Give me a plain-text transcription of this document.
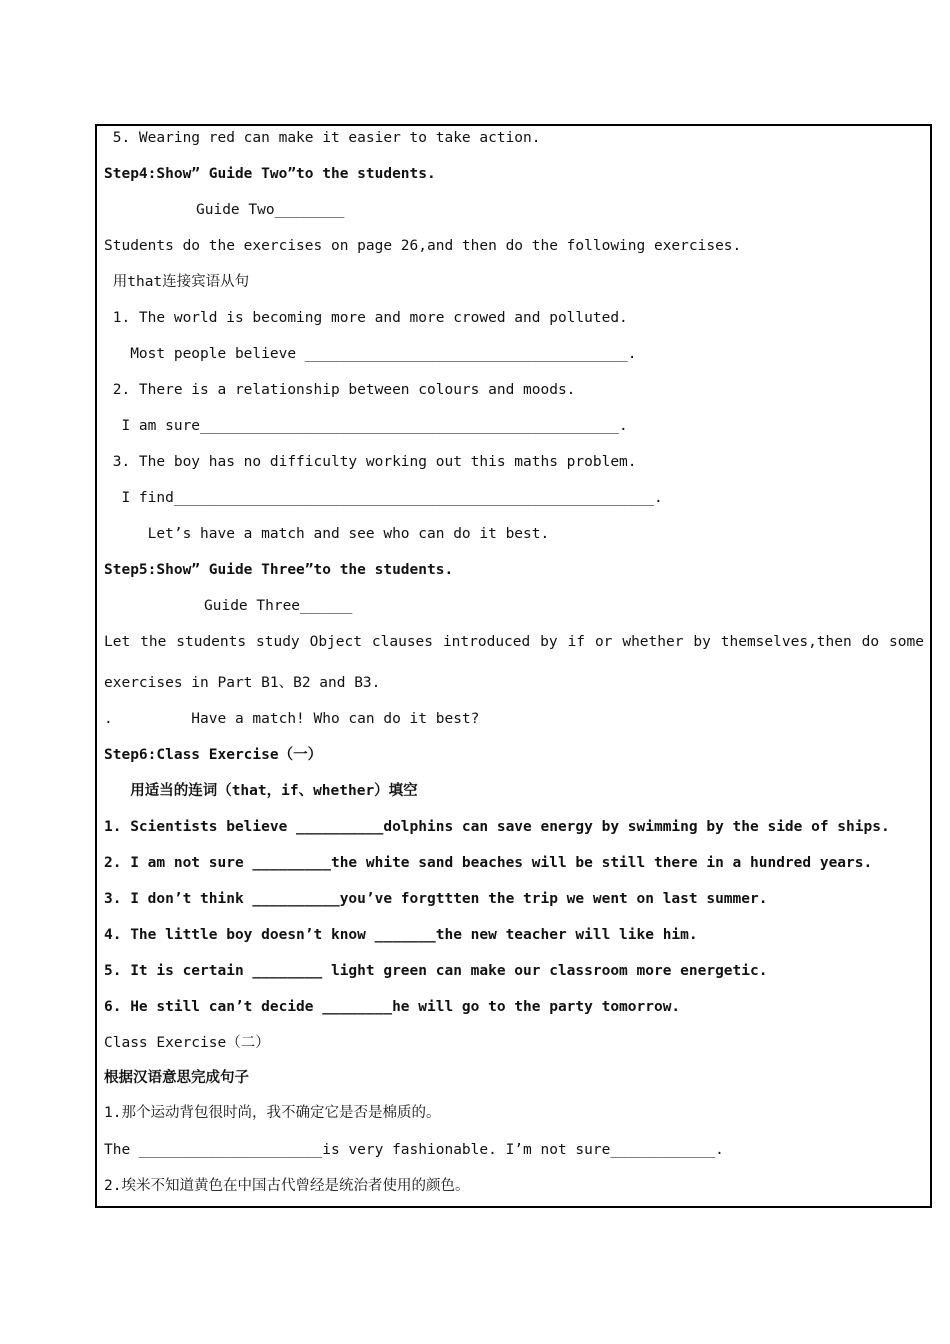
5. Wearing red can make it easier to take action.
Step4:Show” Guide Two”to the students.
Guide Two________
Students do the exercises on page 26,and then do the following exercises.
用that连接宾语从句
1. The world is becoming more and more crowed and polluted.
Most people believe _____________________________________.
2. There is a relationship between colours and moods.
I am sure________________________________________________.
3. The boy has no difficulty working out this maths problem.
I find_______________________________________________________.
Let’s have a match and see who can do it best.
Step5:Show” Guide Three”to the students.
Guide Three______
Let the students study Object clauses introduced by if or whether by themselves,then do some
exercises in Part B1、B2 and B3.
.         Have a match! Who can do it best?
Step6:Class Exercise（一）
用适当的连词（that，if、whether）填空
1. Scientists believe __________dolphins can save energy by swimming by the side of ships.
2. I am not sure _________the white sand beaches will be still there in a hundred years.
3. I don’t think __________you’ve forgttten the trip we went on last summer.
4. The little boy doesn’t know _______the new teacher will like him.
5. It is certain ________ light green can make our classroom more energetic.
6. He still can’t decide ________he will go to the party tomorrow.
Class Exercise（二）
根据汉语意思完成句子
1.那个运动背包很时尚，我不确定它是否是棉质的。
The _____________________is very fashionable. I’m not sure____________.
2.埃米不知道黄色在中国古代曾经是统治者使用的颜色。
